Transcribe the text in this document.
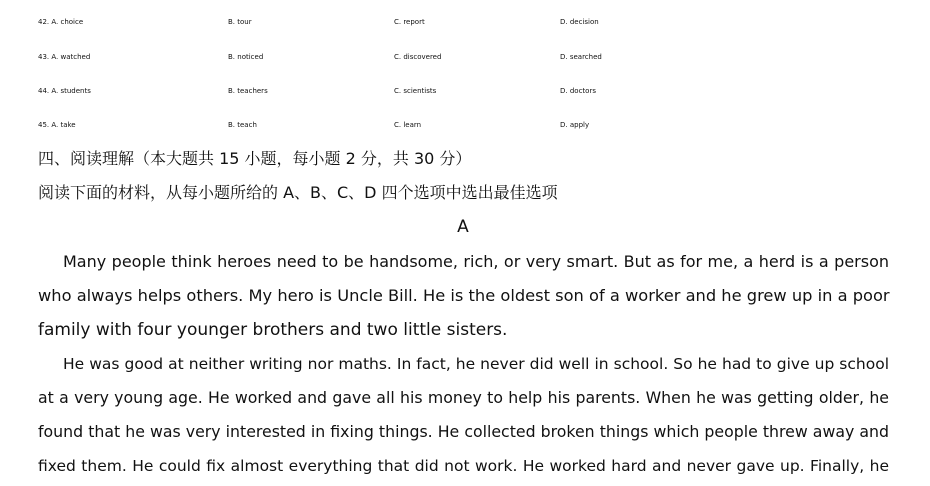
42. A. choice	B. tour	C. report	D. decision
43. A. watched	B. noticed	C. discovered	D. searched
44. A. students	B. teachers	C. scientists	D. doctors
45. A. take	B. teach	C. learn	D. apply
四、阅读理解（本大题共 15 小题，每小题 2 分，共 30 分）
阅读下面的材料，从每小题所给的 A、B、C、D 四个选项中选出最佳选项
A
Many people think heroes need to be handsome, rich, or very smart. But as for me, a herd is a person
who always helps others. My hero is Uncle Bill. He is the oldest son of a worker and he grew up in a poor
family with four younger brothers and two little sisters.
He was good at neither writing nor maths. In fact, he never did well in school. So he had to give up school
at a very young age. He worked and gave all his money to help his parents. When he was getting older, he
found that he was very interested in fixing things. He collected broken things which people threw away and
fixed them. He could fix almost everything that did not work. He worked hard and never gave up. Finally, he
